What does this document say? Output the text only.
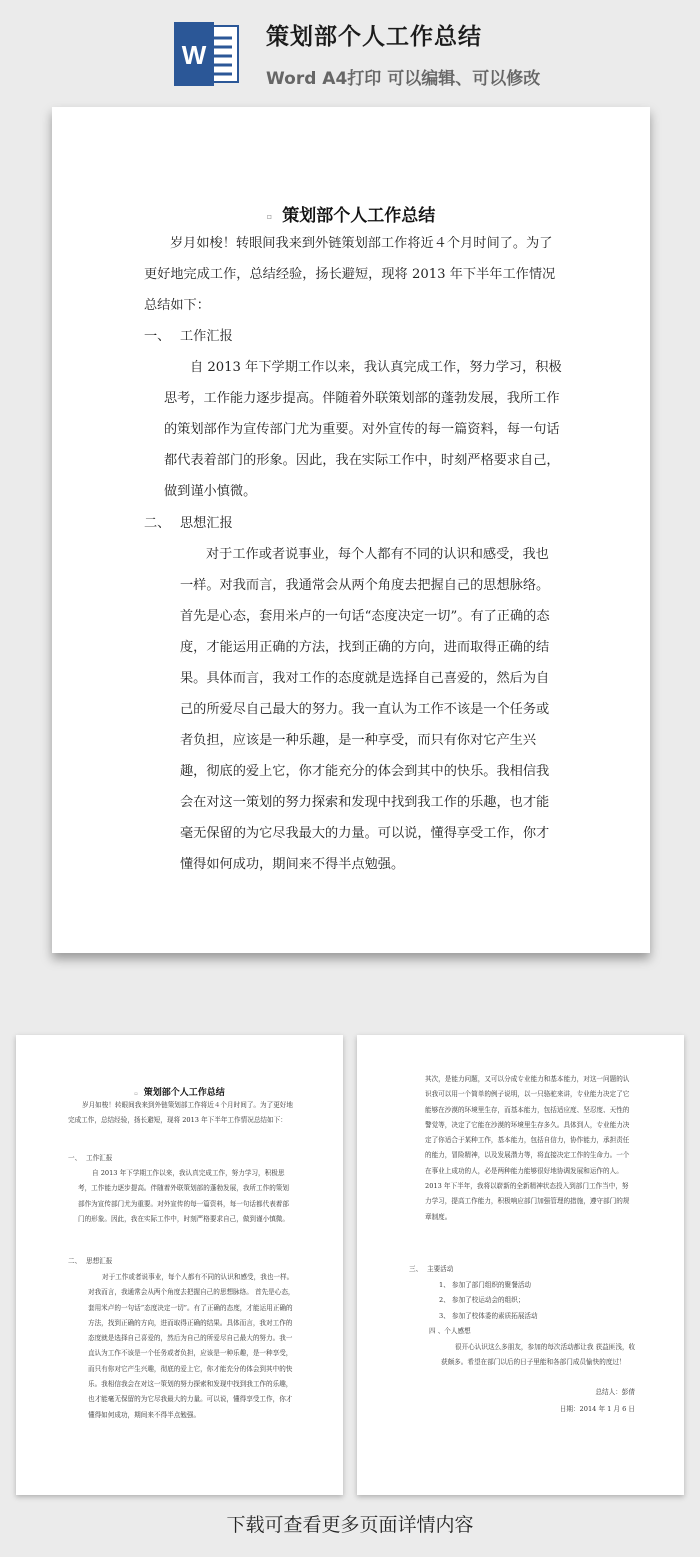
W
策划部个人工作总结
Word A4打印 可以编辑、可以修改
▫ 策划部个人工作总结
岁月如梭！转眼间我来到外链策划部工作将近４个月时间了。为了更好地完成工作，总结经验，扬长避短，现将 2013 年下半年工作情况总结如下：
一、 工作汇报
自 2013 年下学期工作以来，我认真完成工作，努力学习，积极思考，工作能力逐步提高。伴随着外联策划部的蓬勃发展，我所工作的策划部作为宣传部门尤为重要。对外宣传的每一篇资料，每一句话都代表着部门的形象。因此，我在实际工作中，时刻严格要求自己，做到谨小慎微。
二、 思想汇报
对于工作或者说事业，每个人都有不同的认识和感受，我也一样。对我而言，我通常会从两个角度去把握自己的思想脉络。 首先是心态，套用米卢的一句话“态度决定一切”。有了正确的态度，才能运用正确的方法，找到正确的方向，进而取得正确的结果。具体而言，我对工作的态度就是选择自己喜爱的，然后为自己的所爱尽自己最大的努力。我一直认为工作不该是一个任务或者负担，应该是一种乐趣，是一种享受，而只有你对它产生兴趣，彻底的爱上它，你才能充分的体会到其中的快乐。我相信我会在对这一策划的努力探索和发现中找到我工作的乐趣，也才能毫无保留的为它尽我最大的力量。可以说，懂得享受工作，你才懂得如何成功，期间来不得半点勉强。
▫ 策划部个人工作总结
岁月如梭！转眼间我来到外链策划部工作将近４个月时间了。为了更好地完成工作，总结经验，扬长避短，现将 2013 年下半年工作情况总结如下：
一、 工作汇报
自 2013 年下学期工作以来，我认真完成工作，努力学习，积极思考，工作能力逐步提高。伴随着外联策划部的蓬勃发展，我所工作的策划部作为宣传部门尤为重要。对外宣传的每一篇资料，每一句话都代表着部门的形象。因此，我在实际工作中，时刻严格要求自己，做到谨小慎微。
二、 思想汇报
对于工作或者说事业，每个人都有不同的认识和感受，我也一样。对我而言，我通常会从两个角度去把握自己的思想脉络。 首先是心态，套用米卢的一句话“态度决定一切”。有了正确的态度，才能运用正确的方法，找到正确的方向，进而取得正确的结果。具体而言，我对工作的态度就是选择自己喜爱的，然后为自己的所爱尽自己最大的努力。我一直认为工作不该是一个任务或者负担，应该是一种乐趣，是一种享受，而只有你对它产生兴趣，彻底的爱上它，你才能充分的体会到其中的快乐。我相信我会在对这一策划的努力探索和发现中找到我工作的乐趣，也才能毫无保留的为它尽我最大的力量。可以说，懂得享受工作，你才懂得如何成功，期间来不得半点勉强。
其次，是能力问题，又可以分成专业能力和基本能力，对这一问题的认识我可以用一个简单的例子说明，以一只骆驼来讲，专业能力决定了它能够在沙漠的环境里生存，而基本能力，包括适应度、坚忍度、天性的警觉等，决定了它能在沙漠的环境里生存多久。具体到人，专业能力决定了你适合于某种工作，基本能力，包括自信力，协作能力，承担责任的能力，冒险精神，以及发展潜力等，将直接决定工作的生命力。一个在事业上成功的人，必是两种能力能够很好地协调发展和运作的人。2013 年下半年，我将以崭新的全新精神状态投入到部门工作当中，努力学习，提高工作能力，积极响应部门加强管理的措施，遵守部门的规章制度。
三、 主要活动
1、 参加了部门组织的聚餐活动
2、 参加了校运动会的组织；
3、 参加了校体委的素质拓展活动
四 、个人感想
很开心认识这么多朋友，参加的每次活动都让我 获益匪浅，收获颇多。希望在部门以后的日子里能和各部门成员愉快的度过！
总结人：彭倩
日期：2014 年 1 月 6 日
下载可查看更多页面详情内容
